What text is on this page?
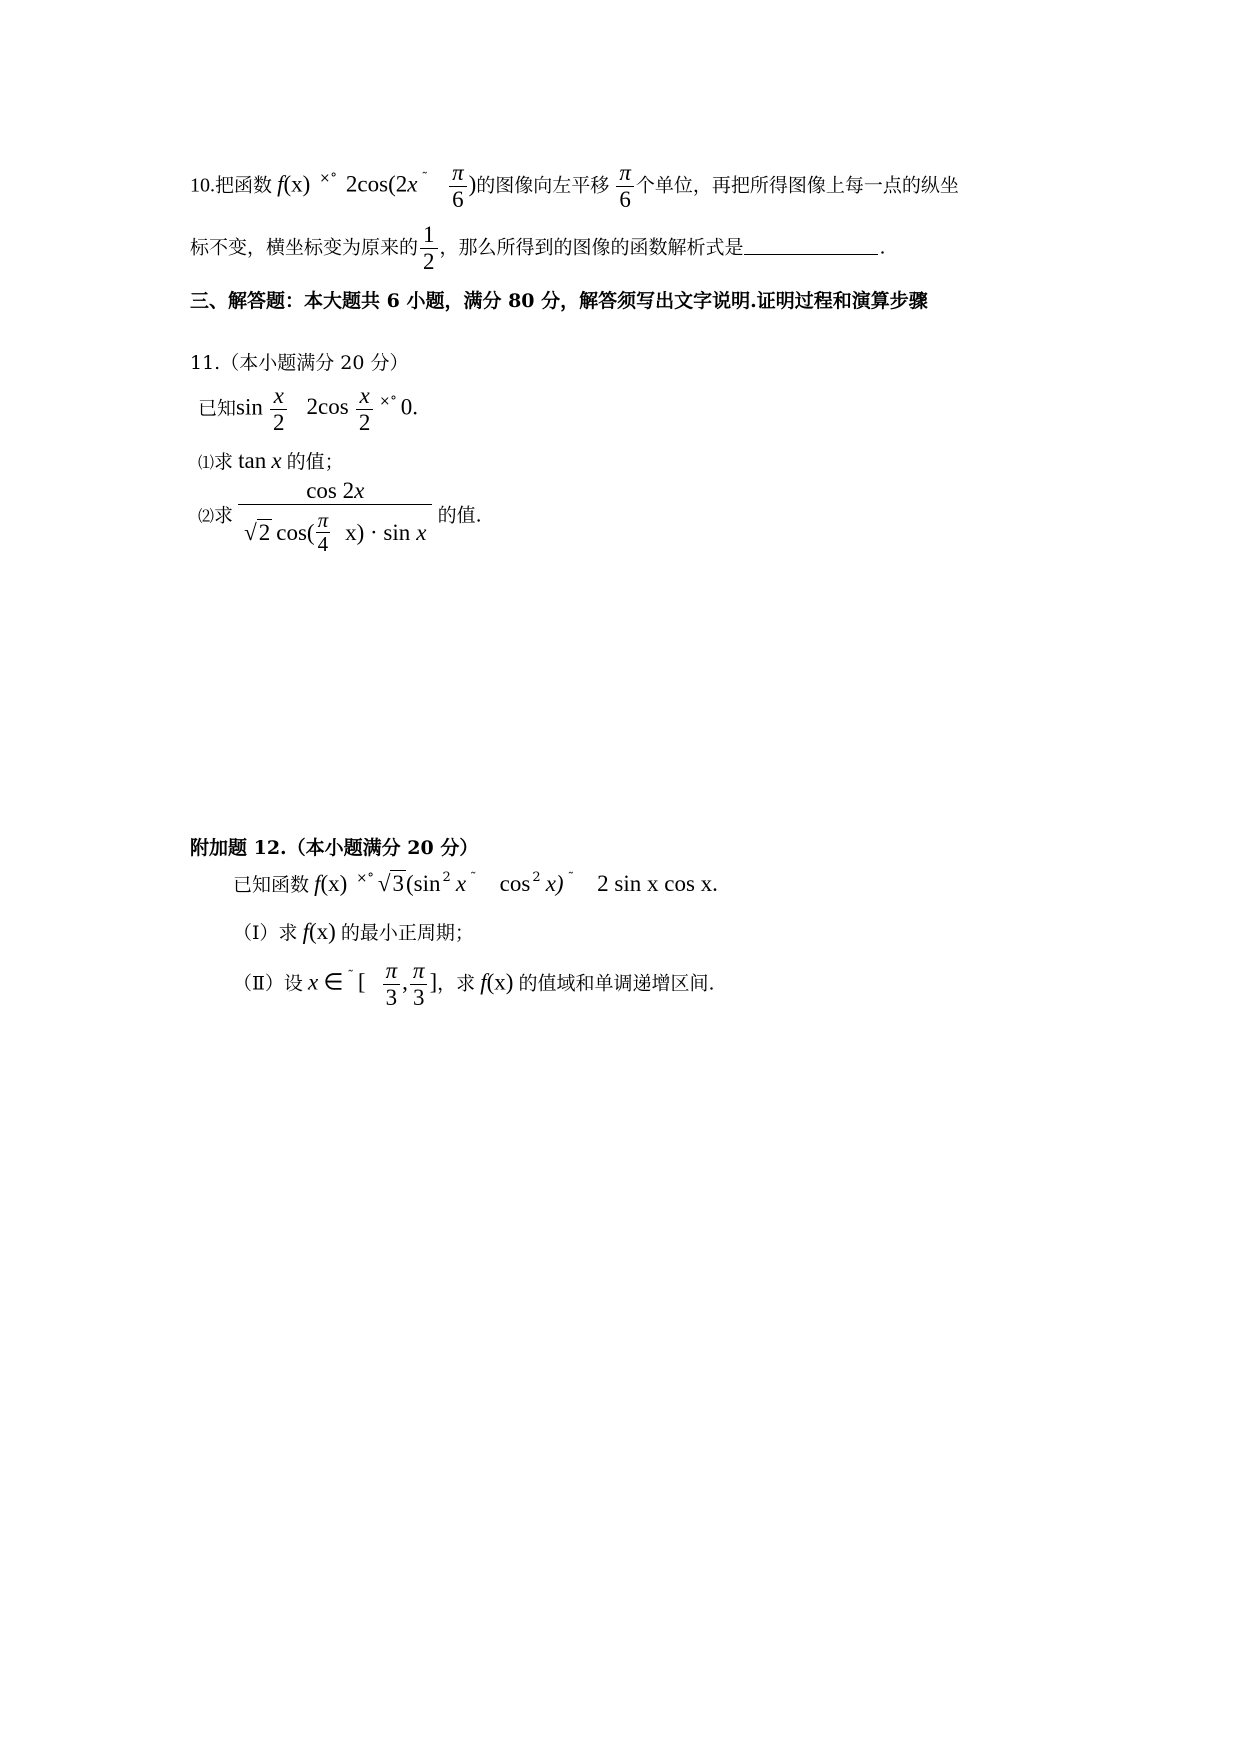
10.把函数 f(x) ×° 2cos(2x $^˜ \frac{\pi}{6}$ )的图像向左平移 $\frac{\pi}{6}$ 个单位，再把所得图像上每一点的纵坐
标不变，横坐标变为原来的 $\frac{1}{2}$ ，那么所得到的图像的函数解析式是	.
三、解答题：本大题共 6 小题，满分 80 分，解答须写出文字说明.证明过程和演算步骤
11.（本小题满分 20 分）
已知$\sin \frac{x}{2} 2\cos \frac{x}{2} ^{\times^\circ}$ 0.
⑴求 tan x 的值；
⑵求
cos 2x
√2 cos( π
4 x) · sin x
的值.
附加题 12.（本小题满分 20 分）
已知函数 f(x) ×° √3(sin $^2$ x ˜ cos $^2$ x) ˜ 2 sin x cos x.
（Ⅰ）求 f(x) 的最小正周期；
（Ⅱ）设 x ∈ ˜ [ $\frac{\pi}{3}$ , $\frac{\pi}{3}$ ]，求 f(x) 的值域和单调递增区间.
